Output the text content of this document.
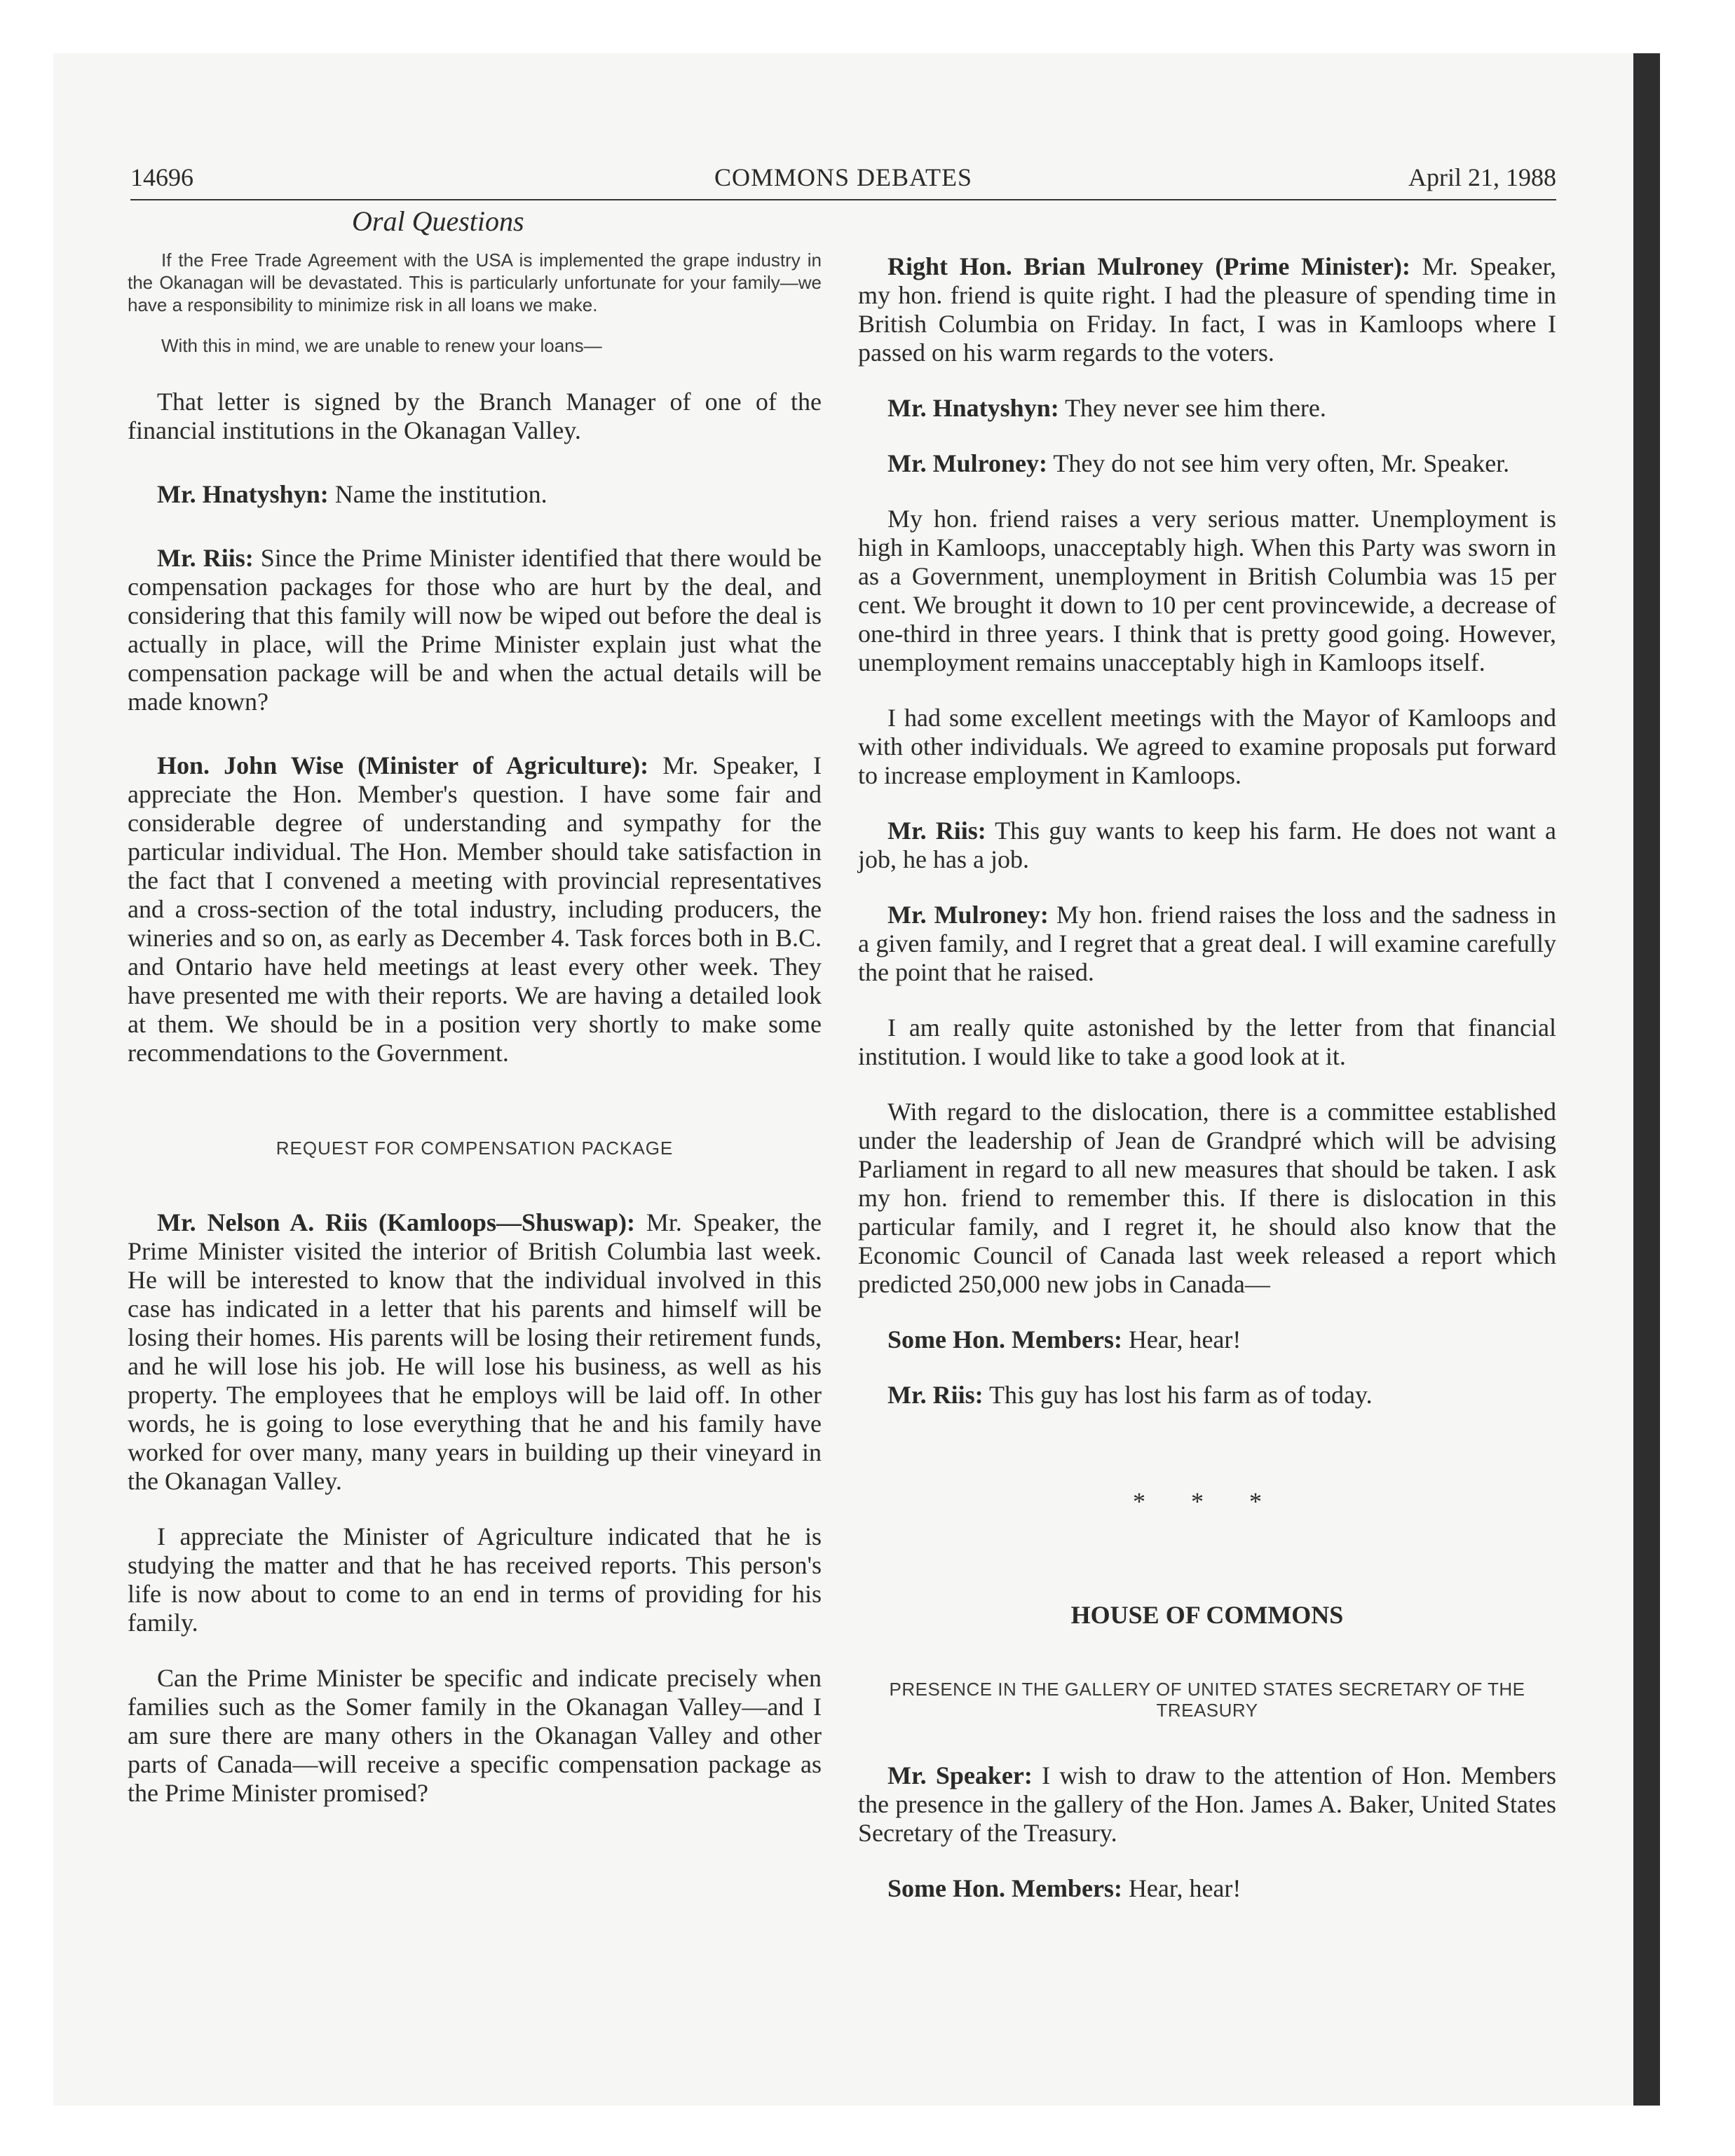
14696	COMMONS DEBATES	April 21, 1988
Oral Questions

If the Free Trade Agreement with the USA is implemented the grape industry in the Okanagan will be devastated. This is particularly unfortunate for your family—we have a responsibility to minimize risk in all loans we make.

With this in mind, we are unable to renew your loans—

That letter is signed by the Branch Manager of one of the financial institutions in the Okanagan Valley.

Mr. Hnatyshyn: Name the institution.

Mr. Riis: Since the Prime Minister identified that there would be compensation packages for those who are hurt by the deal, and considering that this family will now be wiped out before the deal is actually in place, will the Prime Minister explain just what the compensation package will be and when the actual details will be made known?

Hon. John Wise (Minister of Agriculture): Mr. Speaker, I appreciate the Hon. Member's question. I have some fair and considerable degree of understanding and sympathy for the particular individual. The Hon. Member should take satisfaction in the fact that I convened a meeting with provincial representatives and a cross-section of the total industry, including producers, the wineries and so on, as early as December 4. Task forces both in B.C. and Ontario have held meetings at least every other week. They have presented me with their reports. We are having a detailed look at them. We should be in a position very shortly to make some recommendations to the Government.

REQUEST FOR COMPENSATION PACKAGE

Mr. Nelson A. Riis (Kamloops—Shuswap): Mr. Speaker, the Prime Minister visited the interior of British Columbia last week. He will be interested to know that the individual involved in this case has indicated in a letter that his parents and himself will be losing their homes. His parents will be losing their retirement funds, and he will lose his job. He will lose his business, as well as his property. The employees that he employs will be laid off. In other words, he is going to lose everything that he and his family have worked for over many, many years in building up their vineyard in the Okanagan Valley.

I appreciate the Minister of Agriculture indicated that he is studying the matter and that he has received reports. This person's life is now about to come to an end in terms of providing for his family.

Can the Prime Minister be specific and indicate precisely when families such as the Somer family in the Okanagan Valley—and I am sure there are many others in the Okanagan Valley and other parts of Canada—will receive a specific compensation package as the Prime Minister promised?

Right Hon. Brian Mulroney (Prime Minister): Mr. Speaker, my hon. friend is quite right. I had the pleasure of spending time in British Columbia on Friday. In fact, I was in Kamloops where I passed on his warm regards to the voters.

Mr. Hnatyshyn: They never see him there.

Mr. Mulroney: They do not see him very often, Mr. Speaker.

My hon. friend raises a very serious matter. Unemployment is high in Kamloops, unacceptably high. When this Party was sworn in as a Government, unemployment in British Columbia was 15 per cent. We brought it down to 10 per cent provincewide, a decrease of one-third in three years. I think that is pretty good going. However, unemployment remains unacceptably high in Kamloops itself.

I had some excellent meetings with the Mayor of Kamloops and with other individuals. We agreed to examine proposals put forward to increase employment in Kamloops.

Mr. Riis: This guy wants to keep his farm. He does not want a job, he has a job.

Mr. Mulroney: My hon. friend raises the loss and the sadness in a given family, and I regret that a great deal. I will examine carefully the point that he raised.

I am really quite astonished by the letter from that financial institution. I would like to take a good look at it.

With regard to the dislocation, there is a committee established under the leadership of Jean de Grandpré which will be advising Parliament in regard to all new measures that should be taken. I ask my hon. friend to remember this. If there is dislocation in this particular family, and I regret it, he should also know that the Economic Council of Canada last week released a report which predicted 250,000 new jobs in Canada—

Some Hon. Members: Hear, hear!

Mr. Riis: This guy has lost his farm as of today.

* * *
HOUSE OF COMMONS
PRESENCE IN THE GALLERY OF UNITED STATES SECRETARY OF THE TREASURY

Mr. Speaker: I wish to draw to the attention of Hon. Members the presence in the gallery of the Hon. James A. Baker, United States Secretary of the Treasury.

Some Hon. Members: Hear, hear!
